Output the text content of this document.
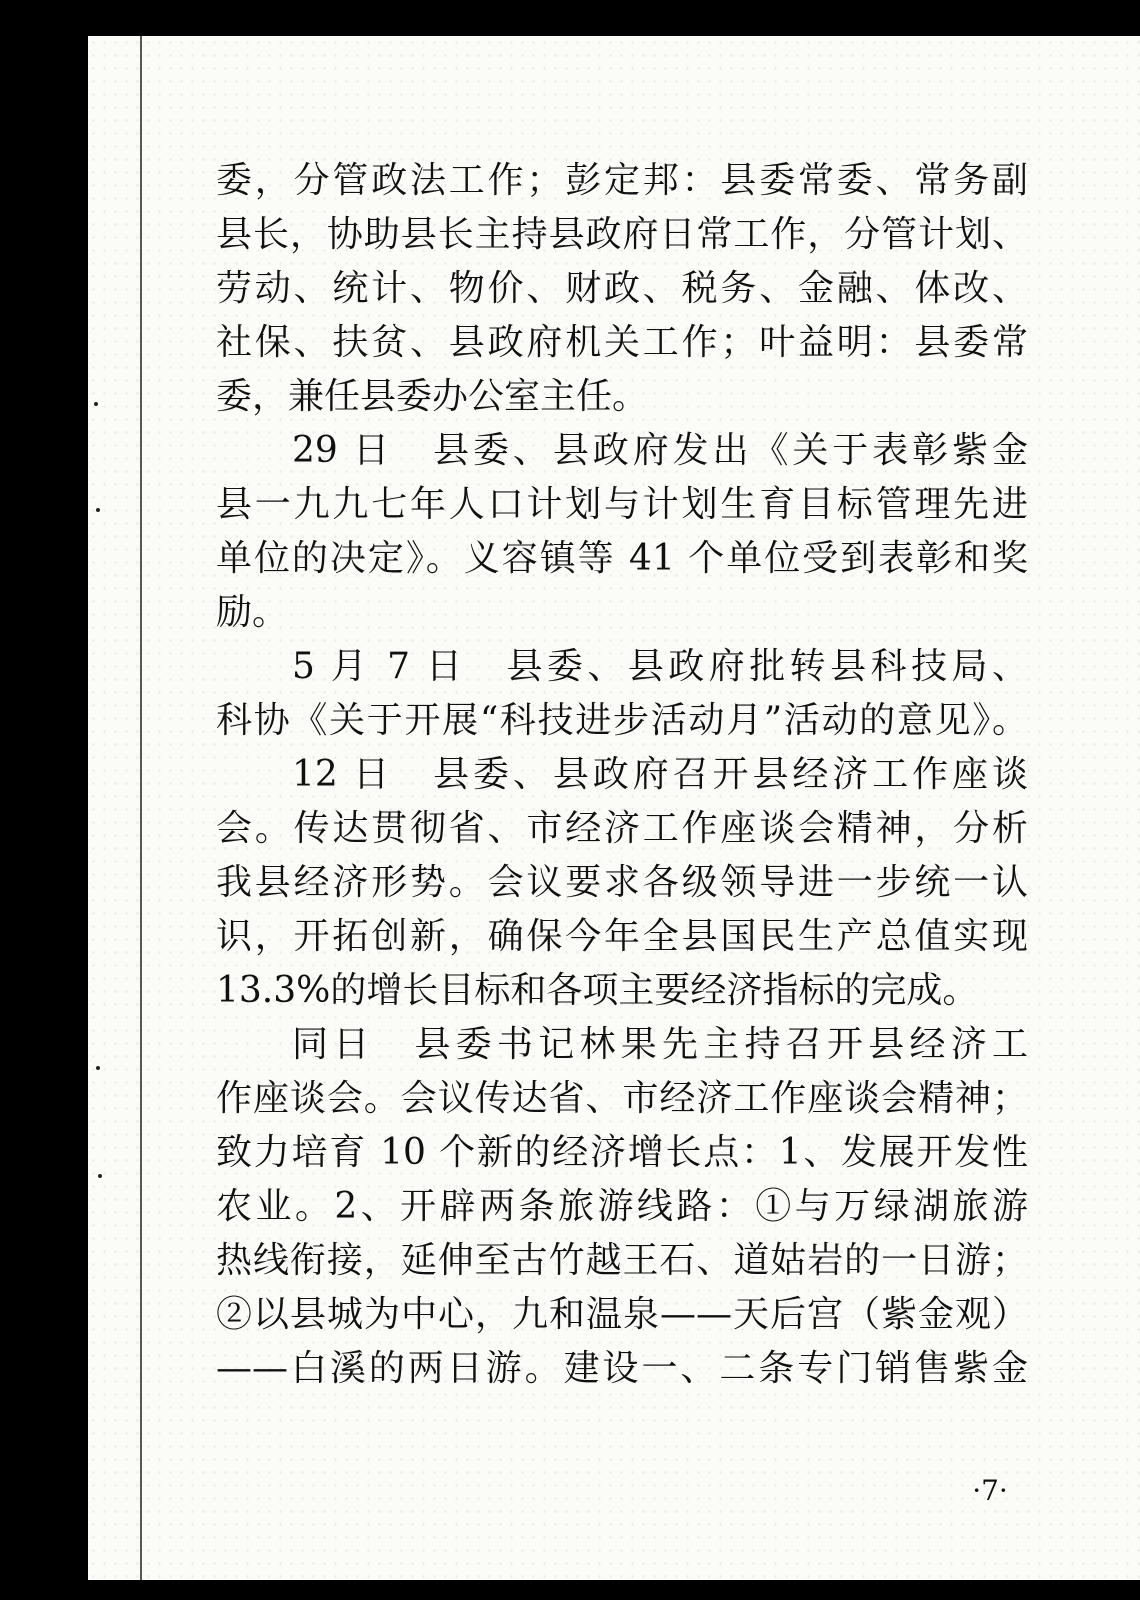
委，分管政法工作；彭定邦：县委常委、常务副
县长，协助县长主持县政府日常工作，分管计划、
劳动、统计、物价、财政、税务、金融、体改、
社保、扶贫、县政府机关工作；叶益明：县委常
委，兼任县委办公室主任。
29 日 县委、县政府发出《关于表彰紫金
县一九九七年人口计划与计划生育目标管理先进
单位的决定》。义容镇等 41 个单位受到表彰和奖
励。
5 月 7 日 县委、县政府批转县科技局、
科协《关于开展“科技进步活动月”活动的意见》。
12 日 县委、县政府召开县经济工作座谈
会。传达贯彻省、市经济工作座谈会精神，分析
我县经济形势。会议要求各级领导进一步统一认
识，开拓创新，确保今年全县国民生产总值实现
13.3%的增长目标和各项主要经济指标的完成。
同日 县委书记林果先主持召开县经济工
作座谈会。会议传达省、市经济工作座谈会精神；
致力培育 10 个新的经济增长点：1、发展开发性
农业。2、开辟两条旅游线路：①与万绿湖旅游
热线衔接，延伸至古竹越王石、道姑岩的一日游；
②以县城为中心，九和温泉——天后宫（紫金观）
——白溪的两日游。建设一、二条专门销售紫金
·7·
